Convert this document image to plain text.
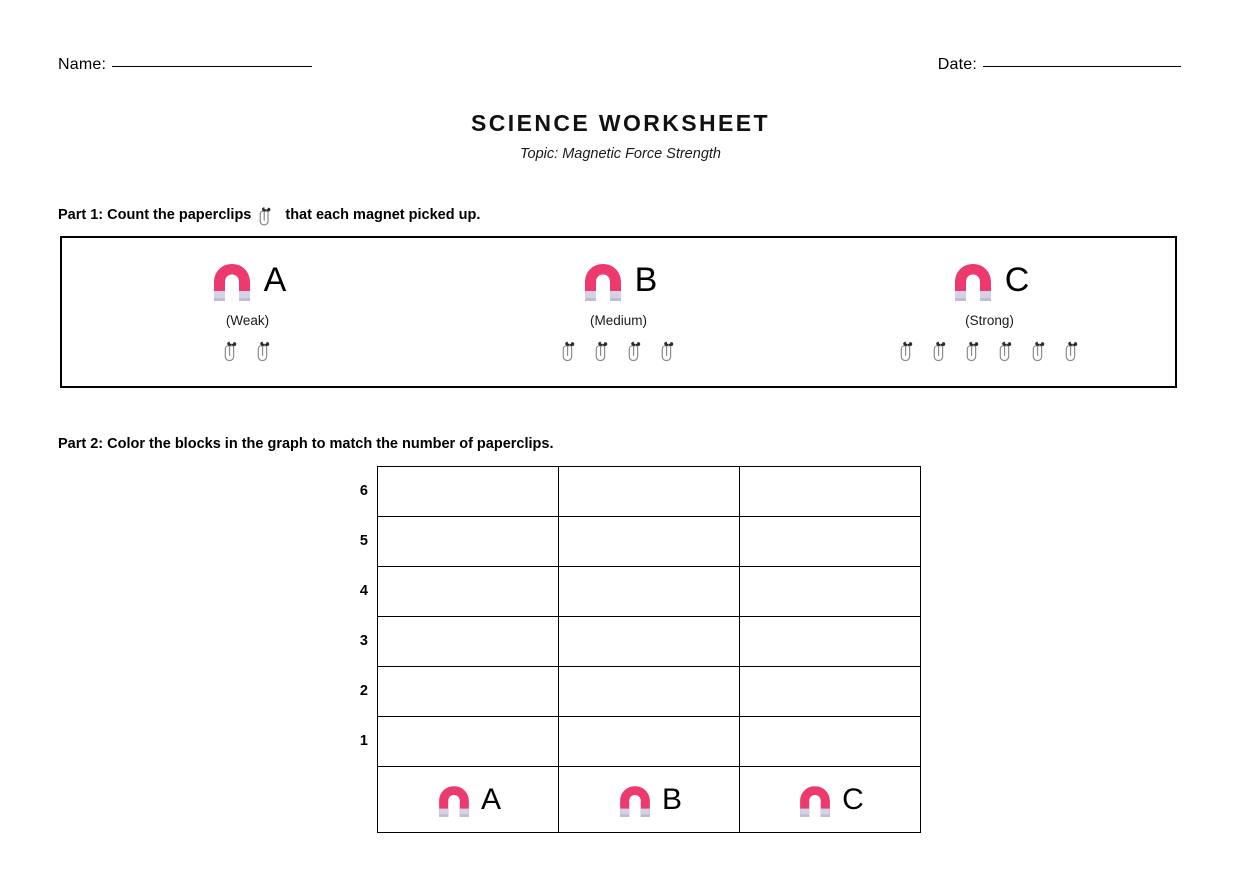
Name:	Date:
SCIENCE WORKSHEET

Topic: Magnetic Force Strength

Part 1: Count the paperclips that each magnet picked up.
A
(Weak)
B
(Medium)
C
(Strong)
Part 2: Color the blocks in the graph to match the number of paperclips.
6
5
4
3
2
1

A	B	C
